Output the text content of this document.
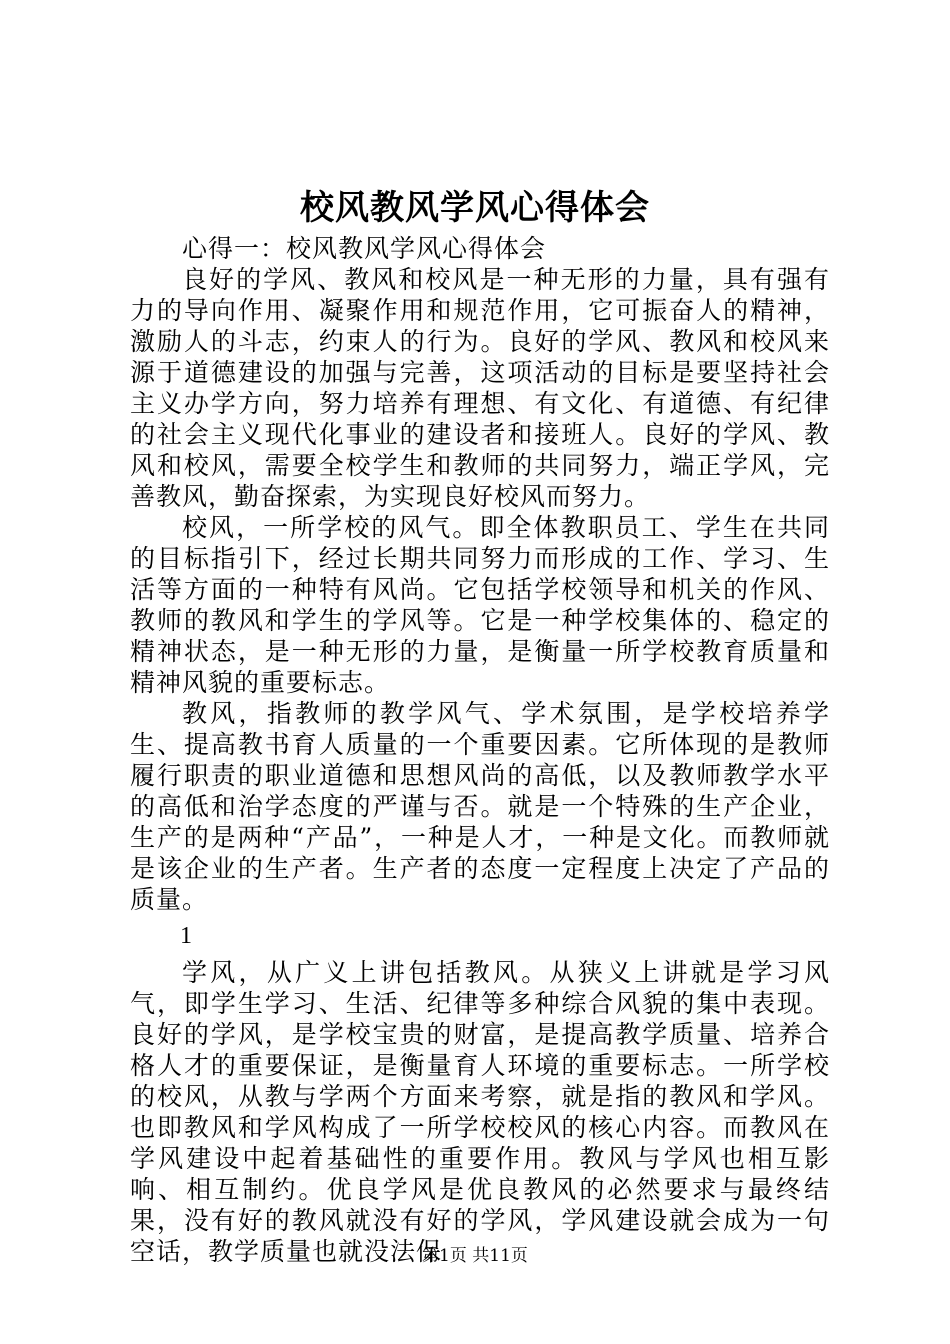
校风教风学风心得体会

心得一：校风教风学风心得体会

良好的学风、教风和校风是一种无形的力量，具有强有力的导向作用、凝聚作用和规范作用，它可振奋人的精神，激励人的斗志，约束人的行为。良好的学风、教风和校风来源于道德建设的加强与完善，这项活动的目标是要坚持社会主义办学方向，努力培养有理想、有文化、有道德、有纪律的社会主义现代化事业的建设者和接班人。良好的学风、教风和校风，需要全校学生和教师的共同努力，端正学风，完善教风，勤奋探索，为实现良好校风而努力。

校风，一所学校的风气。即全体教职员工、学生在共同的目标指引下，经过长期共同努力而形成的工作、学习、生活等方面的一种特有风尚。它包括学校领导和机关的作风、教师的教风和学生的学风等。它是一种学校集体的、稳定的精神状态，是一种无形的力量，是衡量一所学校教育质量和精神风貌的重要标志。

教风，指教师的教学风气、学术氛围，是学校培养学生、提高教书育人质量的一个重要因素。它所体现的是教师履行职责的职业道德和思想风尚的高低，以及教师教学水平的高低和治学态度的严谨与否。就是一个特殊的生产企业，生产的是两种“产品”，一种是人才，一种是文化。而教师就是该企业的生产者。生产者的态度一定程度上决定了产品的质量。

1

学风，从广义上讲包括教风。从狭义上讲就是学习风气，即学生学习、生活、纪律等多种综合风貌的集中表现。良好的学风，是学校宝贵的财富，是提高教学质量、培养合格人才的重要保证，是衡量育人环境的重要标志。一所学校的校风，从教与学两个方面来考察，就是指的教风和学风。也即教风和学风构成了一所学校校风的核心内容。而教风在学风建设中起着基础性的重要作用。教风与学风也相互影响、相互制约。优良学风是优良教风的必然要求与最终结果，没有好的教风就没有好的学风，学风建设就会成为一句空话，教学质量也就没法保

第1页 共11页
